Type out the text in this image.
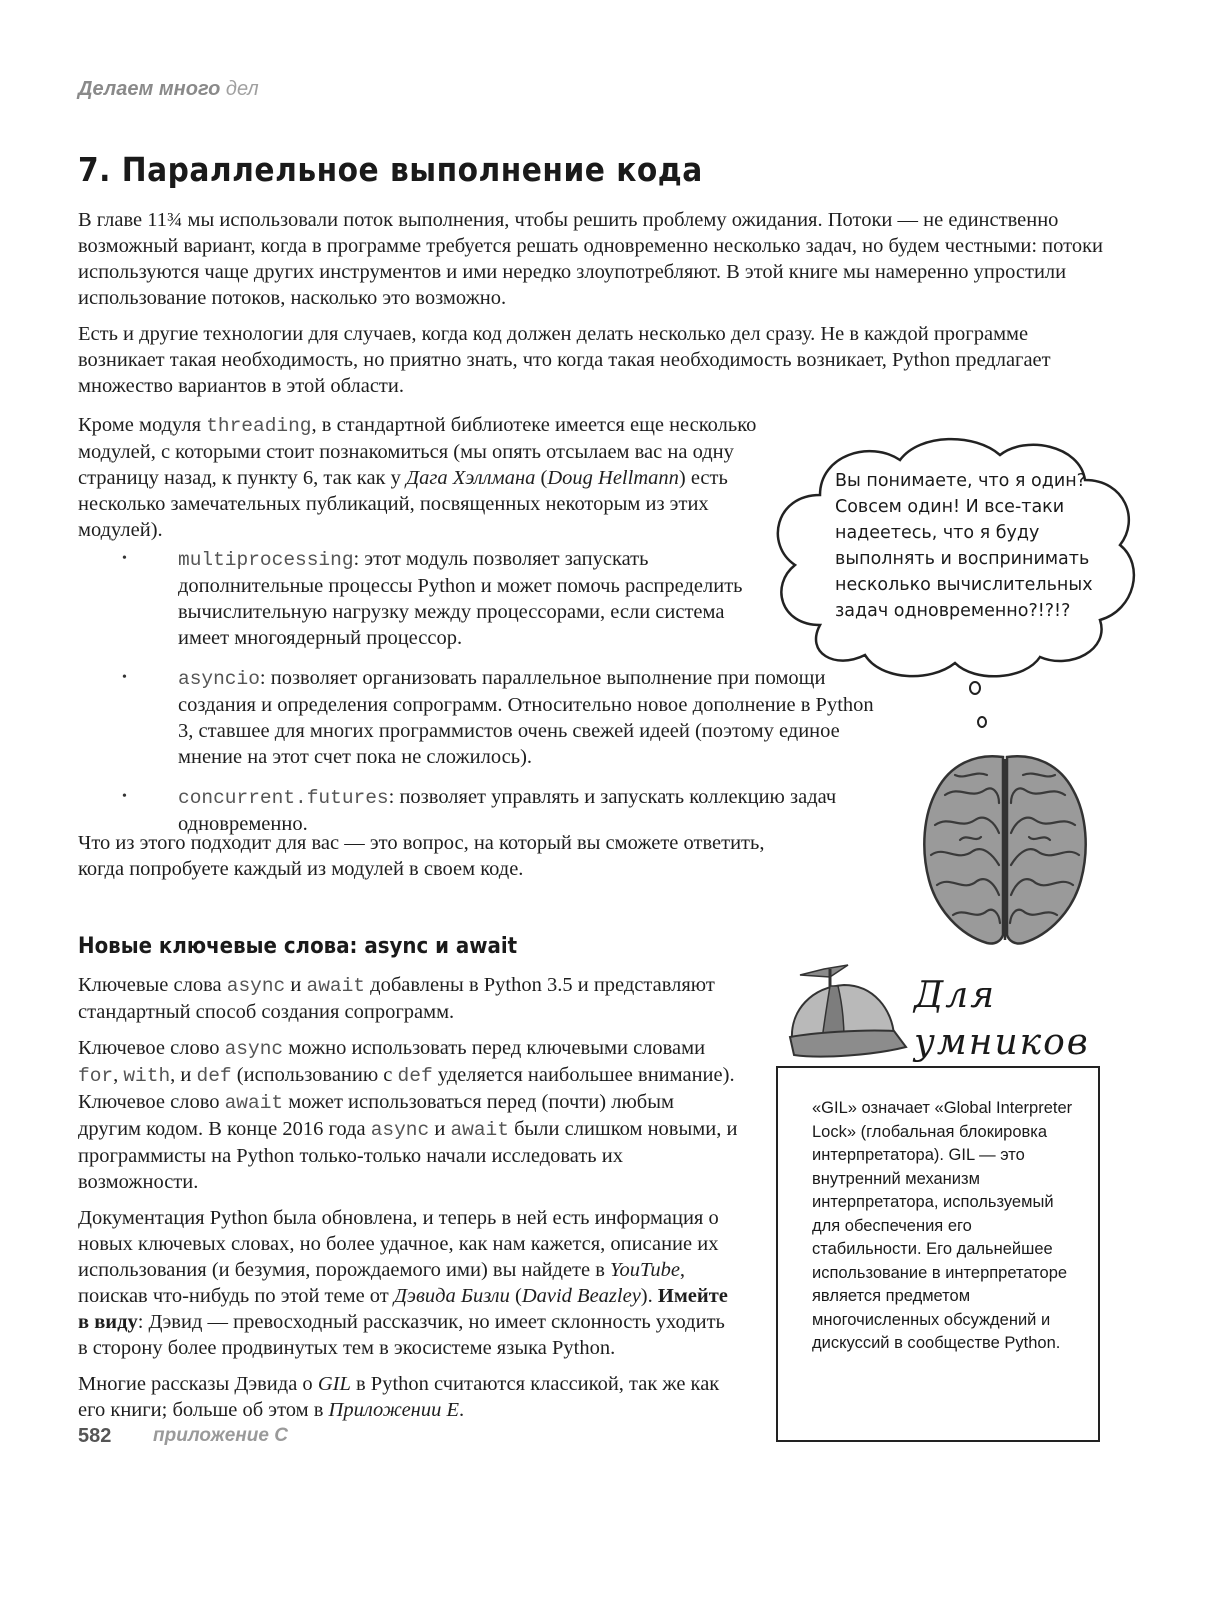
Делаем много дел
7. Параллельное выполнение кода

В главе 11¾ мы использовали поток выполнения, чтобы решить проблему ожидания. Потоки — не единственно возможный вариант, когда в программе требуется решать одновременно несколько задач, но будем честными: потоки используются чаще других инструментов и ими нередко злоупотребляют. В этой книге мы намеренно упростили использование потоков, насколько это возможно.

Есть и другие технологии для случаев, когда код должен делать несколько дел сразу. Не в каждой программе возникает такая необходимость, но приятно знать, что когда такая необходимость возникает, Python предлагает множество вариантов в этой области.

Кроме модуля threading, в стандартной библиотеке имеется еще несколько модулей, с которыми стоит познакомиться (мы опять отсылаем вас на одну страницу назад, к пункту 6, так как у Дага Хэллмана (Doug Hellmann) есть несколько замечательных публикаций, посвященных некоторым из этих модулей).

•	multiprocessing: этот модуль позволяет запускать дополнительные процессы Python и может помочь распределить вычислительную нагрузку между процессорами, если система имеет многоядерный процессор.
•	asyncio: позволяет организовать параллельное выполнение при помощи создания и определения сопрограмм. Относительно новое дополнение в Python 3, ставшее для многих программистов очень свежей идеей (поэтому единое мнение на этот счет пока не сложилось).
•	concurrent.futures: позволяет управлять и запускать коллекцию задач одновременно.

Что из этого подходит для вас — это вопрос, на который вы сможете ответить, когда попробуете каждый из модулей в своем коде.

Вы понимаете, что я один? Совсем один! И все-таки надеетесь, что я буду выполнять и воспринимать несколько вычислительных задач одновременно?!?!?
Новые ключевые слова: async и await

Ключевые слова async и await добавлены в Python 3.5 и представляют стандартный способ создания сопрограмм.

Ключевое слово async можно использовать перед ключевыми словами for, with, и def (использованию с def уделяется наибольшее внимание). Ключевое слово await может использоваться перед (почти) любым другим кодом. В конце 2016 года async и await были слишком новыми, и программисты на Python только-только начали исследовать их возможности.

Документация Python была обновлена, и теперь в ней есть информация о новых ключевых словах, но более удачное, как нам кажется, описание их использования (и безумия, порождаемого ими) вы найдете в YouTube, поискав что-нибудь по этой теме от Дэвида Бизли (David Beazley). Имейте в виду: Дэвид — превосходный рассказчик, но имеет склонность уходить в сторону более продвинутых тем в экосистеме языка Python.

Многие рассказы Дэвида о GIL в Python считаются классикой, так же как его книги; больше об этом в Приложении Е.

Для
умников
«GIL» означает «Global Interpreter Lock» (глобальная блокировка интерпретатора). GIL — это внутренний механизм интерпретатора, используемый для обеспечения его стабильности. Его дальнейшее использование в интерпретаторе является предметом многочисленных обсуждений и дискуссий в сообществе Python.
582 приложение С
